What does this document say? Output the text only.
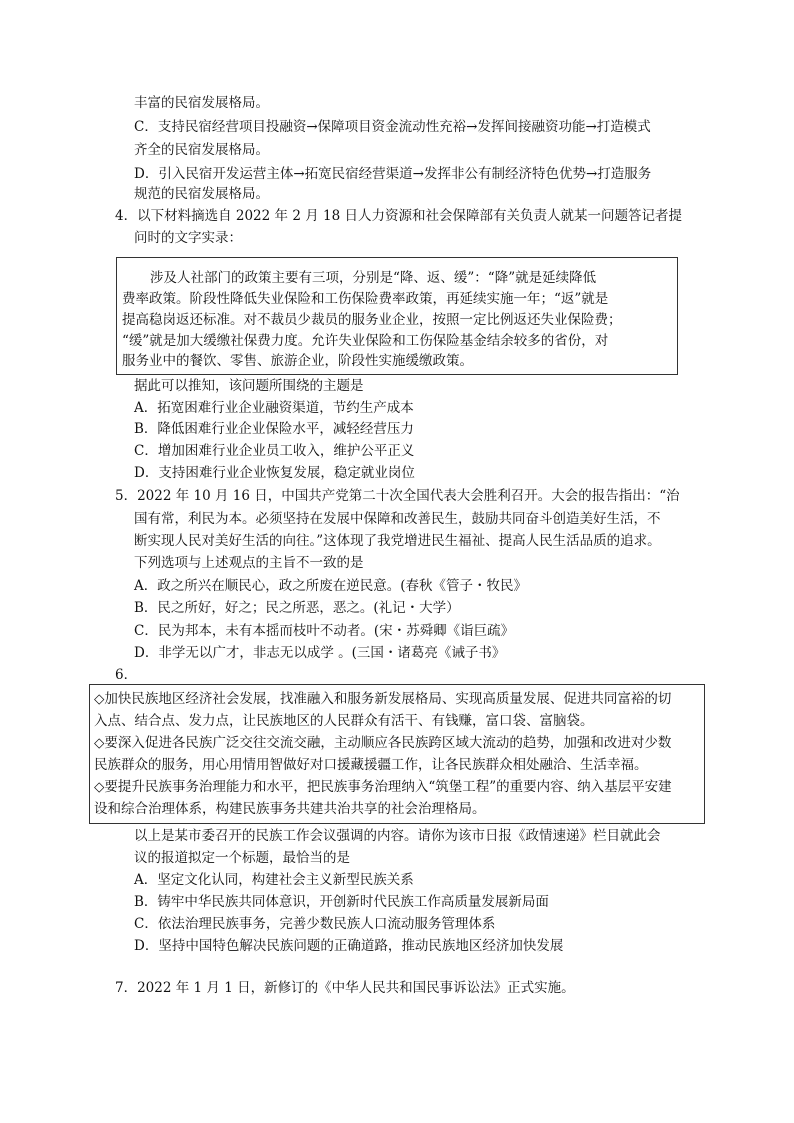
丰富的民宿发展格局。
C．支持民宿经营项目投融资→保障项目资金流动性充裕→发挥间接融资功能→打造模式
齐全的民宿发展格局。
D．引入民宿开发运营主体→拓宽民宿经营渠道→发挥非公有制经济特色优势→打造服务
规范的民宿发展格局。
4．以下材料摘选自 2022 年 2 月 18 日人力资源和社会保障部有关负责人就某一问题答记者提
问时的文字实录：
涉及人社部门的政策主要有三项，分别是“降、返、缓”：“降”就是延续降低
费率政策。阶段性降低失业保险和工伤保险费率政策，再延续实施一年；“返”就是
提高稳岗返还标准。对不裁员少裁员的服务业企业，按照一定比例返还失业保险费；
“缓”就是加大缓缴社保费力度。允许失业保险和工伤保险基金结余较多的省份，对
服务业中的餐饮、零售、旅游企业，阶段性实施缓缴政策。
据此可以推知，该问题所围绕的主题是
A．拓宽困难行业企业融资渠道，节约生产成本
B．降低困难行业企业保险水平，减轻经营压力
C．增加困难行业企业员工收入，维护公平正义
D．支持困难行业企业恢复发展，稳定就业岗位
5．2022 年 10 月 16 日，中国共产党第二十次全国代表大会胜利召开。大会的报告指出：“治
国有常，利民为本。必须坚持在发展中保障和改善民生，鼓励共同奋斗创造美好生活，不
断实现人民对美好生活的向往。”这体现了我党增进民生福祉、提高人民生活品质的追求。
下列选项与上述观点的主旨不一致的是
A．政之所兴在顺民心，政之所废在逆民意。(春秋《管子・牧民》
B．民之所好，好之；民之所恶，恶之。(礼记・大学）
C．民为邦本，未有本摇而枝叶不动者。(宋・苏舜卿《诣巨疏》
D．非学无以广才，非志无以成学 。(三国・诸葛亮《诫子书》
6．
◇加快民族地区经济社会发展，找准融入和服务新发展格局、实现高质量发展、促进共同富裕的切
入点、结合点、发力点，让民族地区的人民群众有活干、有钱赚，富口袋、富脑袋。
◇要深入促进各民族广泛交往交流交融，主动顺应各民族跨区域大流动的趋势，加强和改进对少数
民族群众的服务，用心用情用智做好对口援藏援疆工作，让各民族群众相处融洽、生活幸福。
◇要提升民族事务治理能力和水平，把民族事务治理纳入“筑堡工程”的重要内容、纳入基层平安建
设和综合治理体系，构建民族事务共建共治共享的社会治理格局。
以上是某市委召开的民族工作会议强调的内容。请你为该市日报《政情速递》栏目就此会
议的报道拟定一个标题，最恰当的是
A．坚定文化认同，构建社会主义新型民族关系
B．铸牢中华民族共同体意识，开创新时代民族工作高质量发展新局面
C．依法治理民族事务，完善少数民族人口流动服务管理体系
D．坚持中国特色解决民族问题的正确道路，推动民族地区经济加快发展
7．2022 年 1 月 1 日，新修订的《中华人民共和国民事诉讼法》正式实施。
